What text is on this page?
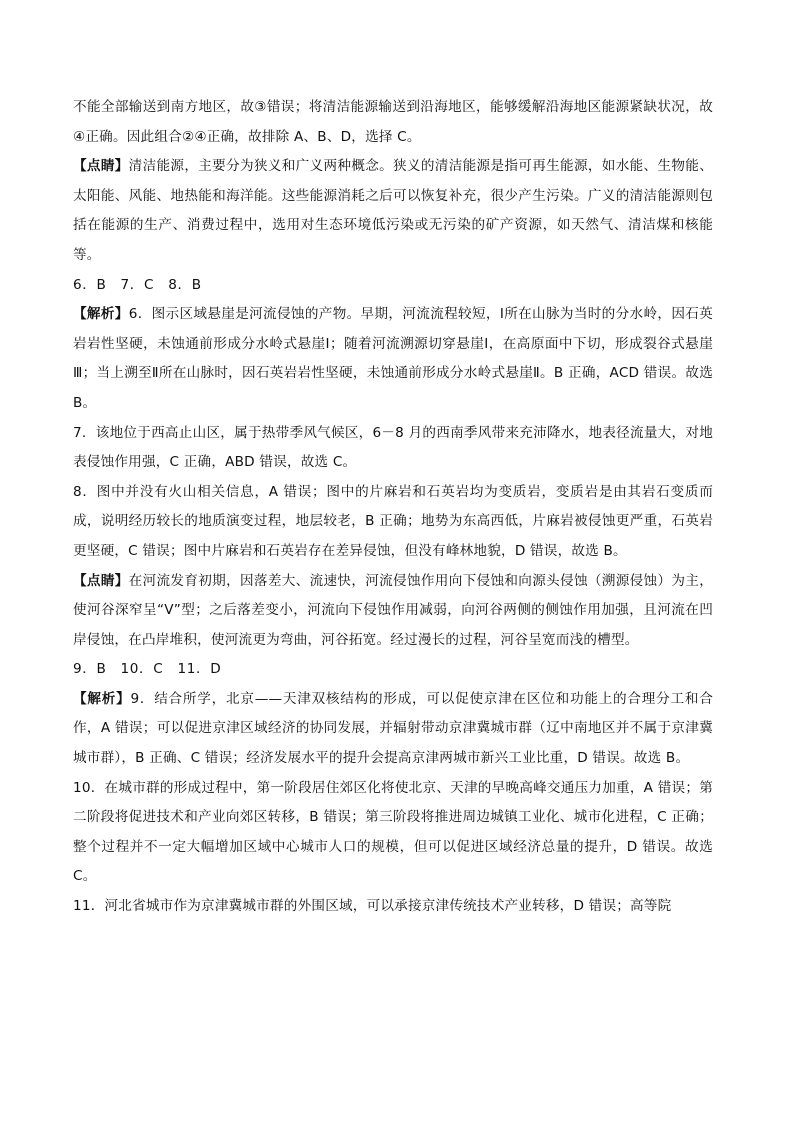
不能全部输送到南方地区，故③错误；将清洁能源输送到沿海地区，能够缓解沿海地区能源紧缺状况，故④正确。因此组合②④正确，故排除 A、B、D，选择 C。

【点睛】清洁能源，主要分为狭义和广义两种概念。狭义的清洁能源是指可再生能源，如水能、生物能、太阳能、风能、地热能和海洋能。这些能源消耗之后可以恢复补充，很少产生污染。广义的清洁能源则包括在能源的生产、消费过程中，选用对生态环境低污染或无污染的矿产资源，如天然气、清洁煤和核能等。

6．B　7．C　8．B

【解析】6．图示区域悬崖是河流侵蚀的产物。早期，河流流程较短，Ⅰ所在山脉为当时的分水岭，因石英岩岩性坚硬，未蚀通前形成分水岭式悬崖Ⅰ；随着河流溯源切穿悬崖Ⅰ，在高原面中下切，形成裂谷式悬崖Ⅲ；当上溯至Ⅱ所在山脉时，因石英岩岩性坚硬，未蚀通前形成分水岭式悬崖Ⅱ。B 正确，ACD 错误。故选 B。

7．该地位于西高止山区，属于热带季风气候区，6－8 月的西南季风带来充沛降水，地表径流量大，对地表侵蚀作用强，C 正确，ABD 错误，故选 C。

8．图中并没有火山相关信息，A 错误；图中的片麻岩和石英岩均为变质岩，变质岩是由其岩石变质而成，说明经历较长的地质演变过程，地层较老，B 正确；地势为东高西低，片麻岩被侵蚀更严重，石英岩更坚硬，C 错误；图中片麻岩和石英岩存在差异侵蚀，但没有峰林地貌，D 错误，故选 B。

【点睛】在河流发育初期，因落差大、流速快，河流侵蚀作用向下侵蚀和向源头侵蚀（溯源侵蚀）为主，使河谷深窄呈“V”型；之后落差变小，河流向下侵蚀作用减弱，向河谷两侧的侧蚀作用加强，且河流在凹岸侵蚀，在凸岸堆积，使河流更为弯曲，河谷拓宽。经过漫长的过程，河谷呈宽而浅的槽型。

9．B　10．C　11．D

【解析】9．结合所学，北京——天津双核结构的形成，可以促使京津在区位和功能上的合理分工和合作，A 错误；可以促进京津区域经济的协同发展，并辐射带动京津冀城市群（辽中南地区并不属于京津冀城市群），B 正确、C 错误；经济发展水平的提升会提高京津两城市新兴工业比重，D 错误。故选 B。

10．在城市群的形成过程中，第一阶段居住郊区化将使北京、天津的早晚高峰交通压力加重，A 错误；第二阶段将促进技术和产业向郊区转移，B 错误；第三阶段将推进周边城镇工业化、城市化进程，C 正确；整个过程并不一定大幅增加区域中心城市人口的规模，但可以促进区域经济总量的提升，D 错误。故选 C。

11．河北省城市作为京津冀城市群的外围区域，可以承接京津传统技术产业转移，D 错误；高等院
